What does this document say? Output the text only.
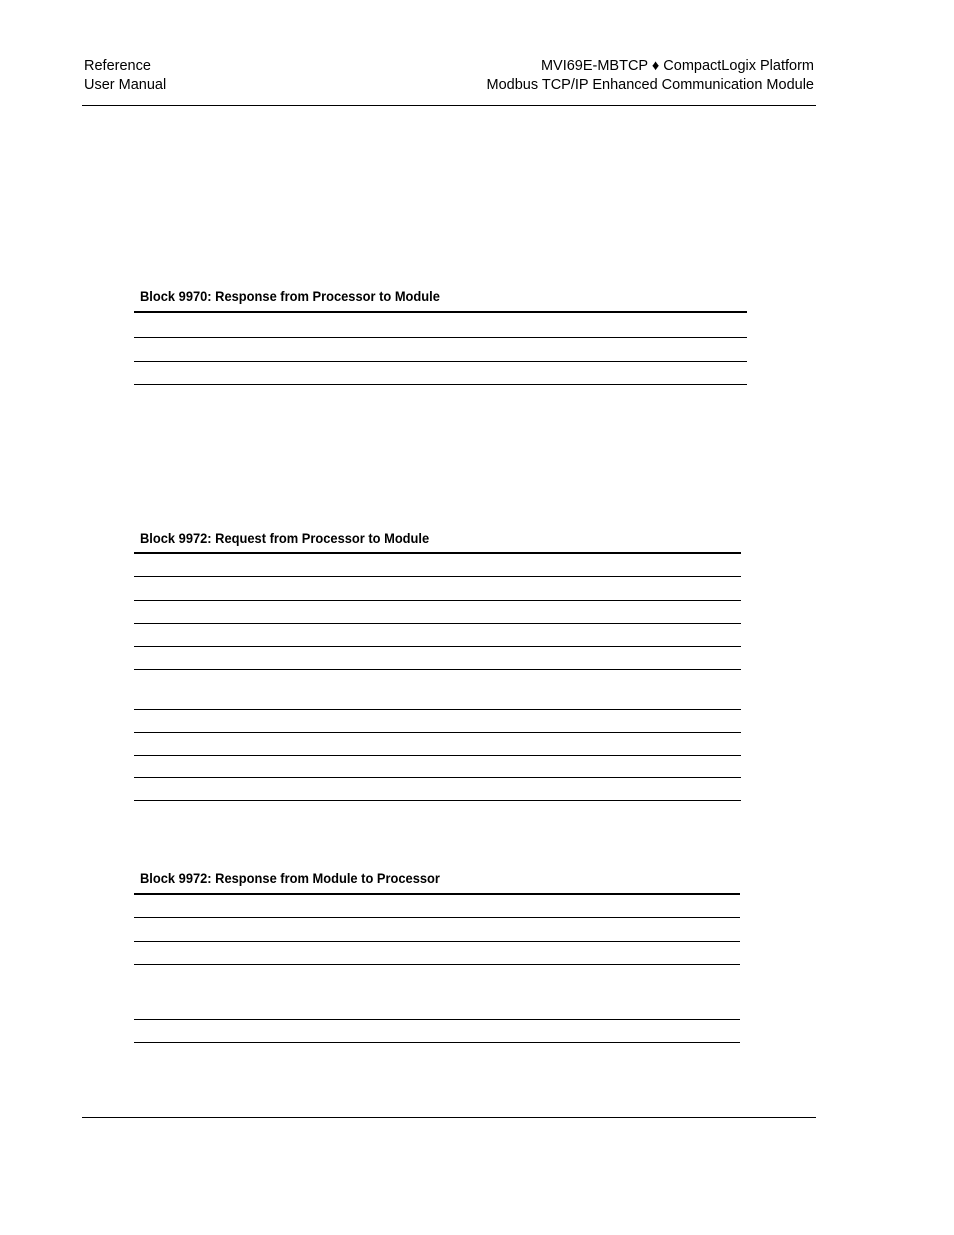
Reference
User Manual
MVI69E-MBTCP ♦ CompactLogix Platform
Modbus TCP/IP Enhanced Communication Module
Block 9970: Response from Processor to Module
Block 9972: Request from Processor to Module
Block 9972: Response from Module to Processor
